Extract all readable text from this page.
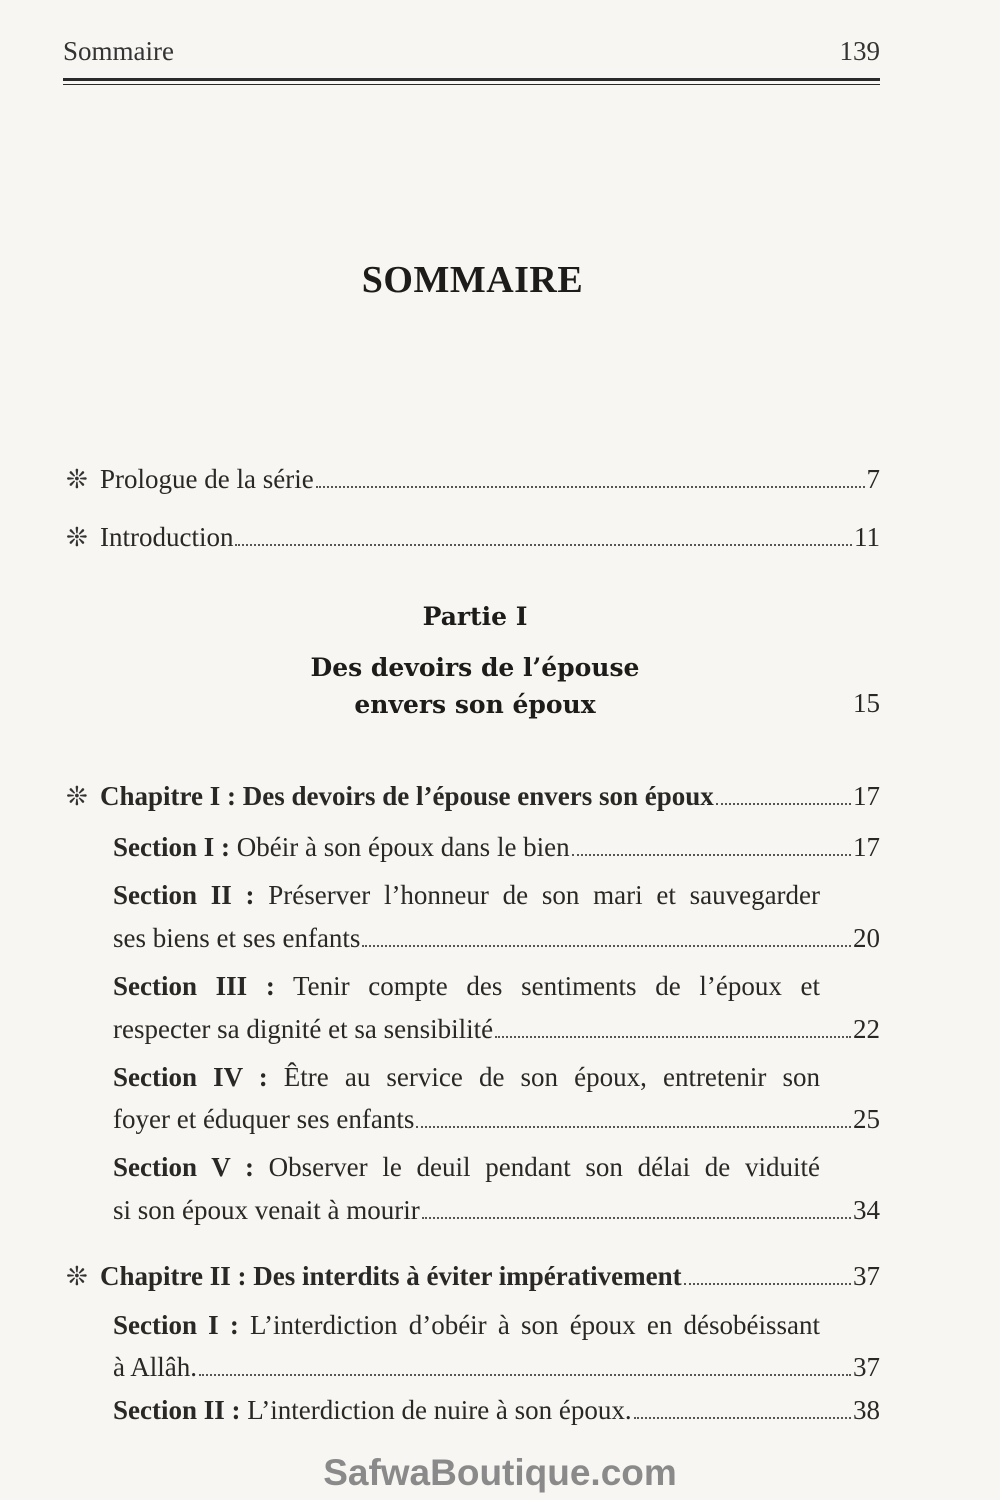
Sommaire	139
SOMMAIRE
❊ Prologue de la série	7
❊ Introduction	11
Partie I
Des devoirs de l’épouse
envers son époux	15
❊ Chapitre I : Des devoirs de l’épouse envers son époux	17
Section I :
Obéir à son époux dans le bien	17
Section II : Préserver l’honneur de son mari et sauvegarder
ses biens et ses enfants	20
Section III : Tenir compte des sentiments de l’époux et
respecter sa dignité et sa sensibilité	22
Section IV : Être au service de son époux, entretenir son
foyer et éduquer ses enfants	25
Section V : Observer le deuil pendant son délai de viduité
si son époux venait à mourir	34
❊ Chapitre II : Des interdits à éviter impérativement	37
Section I : L’interdiction d’obéir à son époux en désobéissant
à Allâh.	37
Section II :
L’interdiction de nuire à son époux.	38
SafwaBoutique.com
